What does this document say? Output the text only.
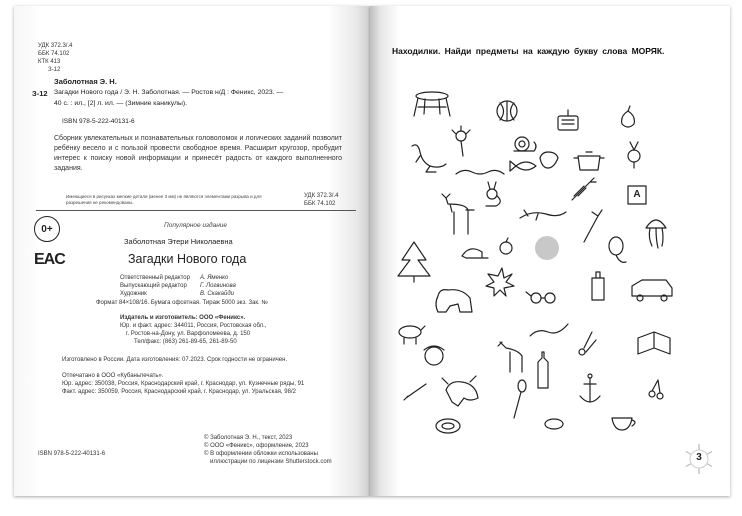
УДК 372.3/.4
ББК 74.102
КТК 413
З-12
Заболотная Э. Н.
З-12 Загадки Нового года / Э. Н. Заболотная. — Ростов н/Д : Феникс, 2023. —
40 с. : ил., [2] л. ил. — (Зимние каникулы).
ISBN 978-5-222-40131-6
Сборник увлекательных и познавательных головоломок и логических заданий позволит ребёнку весело и с пользой провести свободное время. Расширит кругозор, пробудит интерес к поиску новой информации и принесёт радость от каждого выполненного задания.
Имеющиеся в рисунках мелкие детали (менее 3 мм) не являются элементами разрыва и для разрешения не рекомендованы.
УДК 372.3/.4
ББК 74.102
0+
EAC
Популярное издание
Заболотная Этери Николаевна
Загадки Нового года
Ответственный редактор А. Яменко
Выпускающий редактор Г. Логвинова
Художник	В. Скакайди
Формат 84×108/16. Бумага офсетная. Тираж 5000 экз. Зак. №
Издатель и изготовитель: ООО «Феникс».
Юр. и факт. адрес: 344011, Россия, Ростовская обл.,
г. Ростов-на-Дону, ул. Варфоломеева, д. 150
Тел/факс: (863) 261-89-65, 261-89-50
Изготовлено в России. Дата изготовления: 07.2023. Срок годности не ограничен.
Отпечатано в ООО «Кубаньпечать».
Юр. адрес: 350038, Россия, Краснодарский край, г. Краснодар, ул. Кузнечные ряды, 91
Факт. адрес: 350059, Россия, Краснодарский край, г. Краснодар, ул. Уральская, 98/2
ISBN 978-5-222-40131-6
© Заболотная Э. Н., текст, 2023
© ООО «Феникс», оформление, 2023
© В оформлении обложки использованы
иллюстрации по лицензии Shutterstock.com
Находилки. Найди предметы на каждую букву слова МОРЯК.
A
3
